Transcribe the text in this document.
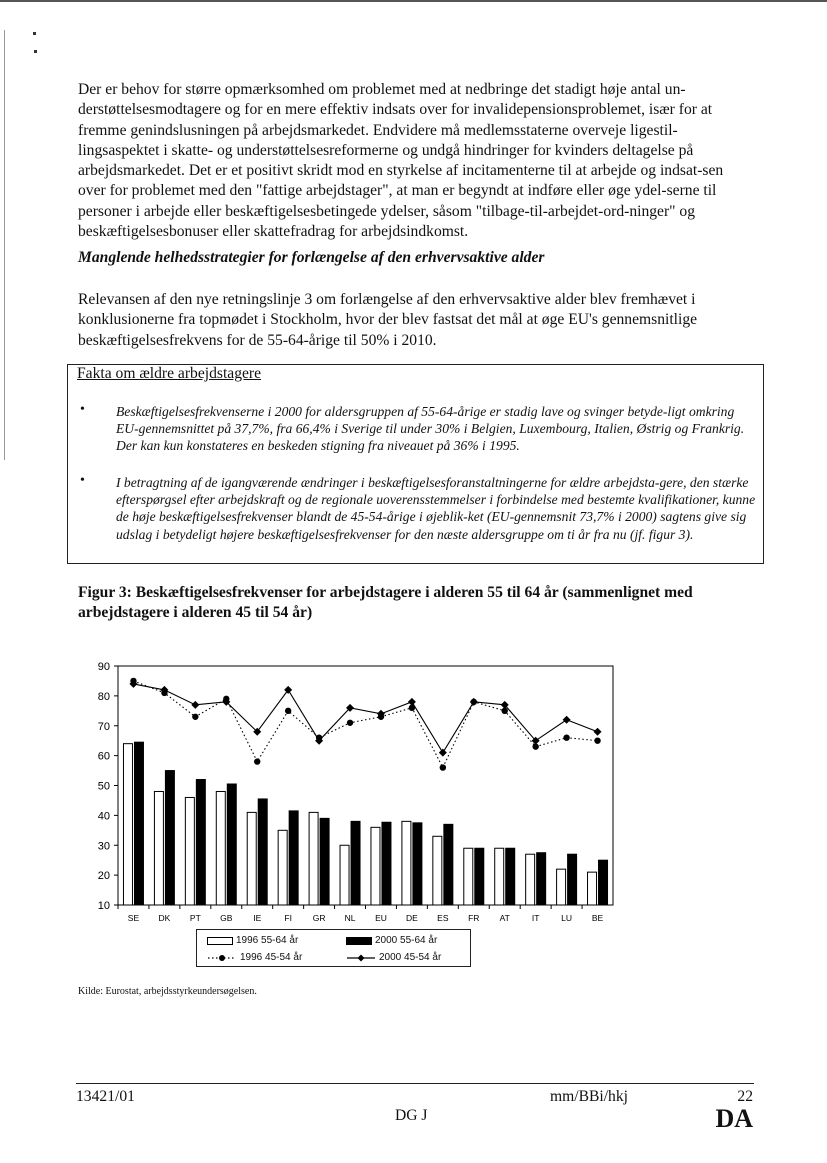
Der er behov for større opmærksomhed om problemet med at nedbringe det stadigt høje antal un-derstøttelsesmodtagere og for en mere effektiv indsats over for invalidepensionsproblemet, især for at fremme genindslusningen på arbejdsmarkedet. Endvidere må medlemsstaterne overveje ligestil-lingsaspektet i skatte- og understøttelsesreformerne og undgå hindringer for kvinders deltagelse på arbejdsmarkedet. Det er et positivt skridt mod en styrkelse af incitamenterne til at arbejde og indsat-sen over for problemet med den "fattige arbejdstager", at man er begyndt at indføre eller øge ydel-serne til personer i arbejde eller beskæftigelsesbetingede ydelser, såsom "tilbage-til-arbejdet-ord-ninger" og beskæftigelsesbonuser eller skattefradrag for arbejdsindkomst.

Manglende helhedsstrategier for forlængelse af den erhvervsaktive alder

Relevansen af den nye retningslinje 3 om forlængelse af den erhvervsaktive alder blev fremhævet i konklusionerne fra topmødet i Stockholm, hvor der blev fastsat det mål at øge EU's gennemsnitlige beskæftigelsesfrekvens for de 55-64-årige til 50% i 2010.

Fakta om ældre arbejdstagere

• Beskæftigelsesfrekvenserne i 2000 for aldersgruppen af 55-64-årige er stadig lave og svinger betyde-ligt omkring EU-gennemsnittet på 37,7%, fra 66,4% i Sverige til under 30% i Belgien, Luxembourg, Italien, Østrig og Frankrig. Der kan kun konstateres en beskeden stigning fra niveauet på 36% i 1995.

• I betragtning af de igangværende ændringer i beskæftigelsesforanstaltningerne for ældre arbejdsta-gere, den stærke efterspørgsel efter arbejdskraft og de regionale uoverensstemmelser i forbindelse med bestemte kvalifikationer, kunne de høje beskæftigelsesfrekvenser blandt de 45-54-årige i øjeblik-ket (EU-gennemsnit 73,7% i 2000) sagtens give sig udslag i betydeligt højere beskæftigelsesfrekvenser for den næste aldersgruppe om ti år fra nu (jf. figur 3).

Figur 3: Beskæftigelsesfrekvenser for arbejdstagere i alderen 55 til 64 år (sammenlignet med arbejdstagere i alderen 45 til 54 år)

10
20
30
40
50
60
70
80
90
SE DK PT GB IE	FI GR NL EU DE ES FR AT	IT	LU BE
1996 55-64 år	2000 55-64 år
1996 45-54 år	2000 45-54 år

Kilde: Eurostat, arbejdsstyrkeundersøgelsen.

13421/01	mm/BBi/hkj	22

DG J	DA
